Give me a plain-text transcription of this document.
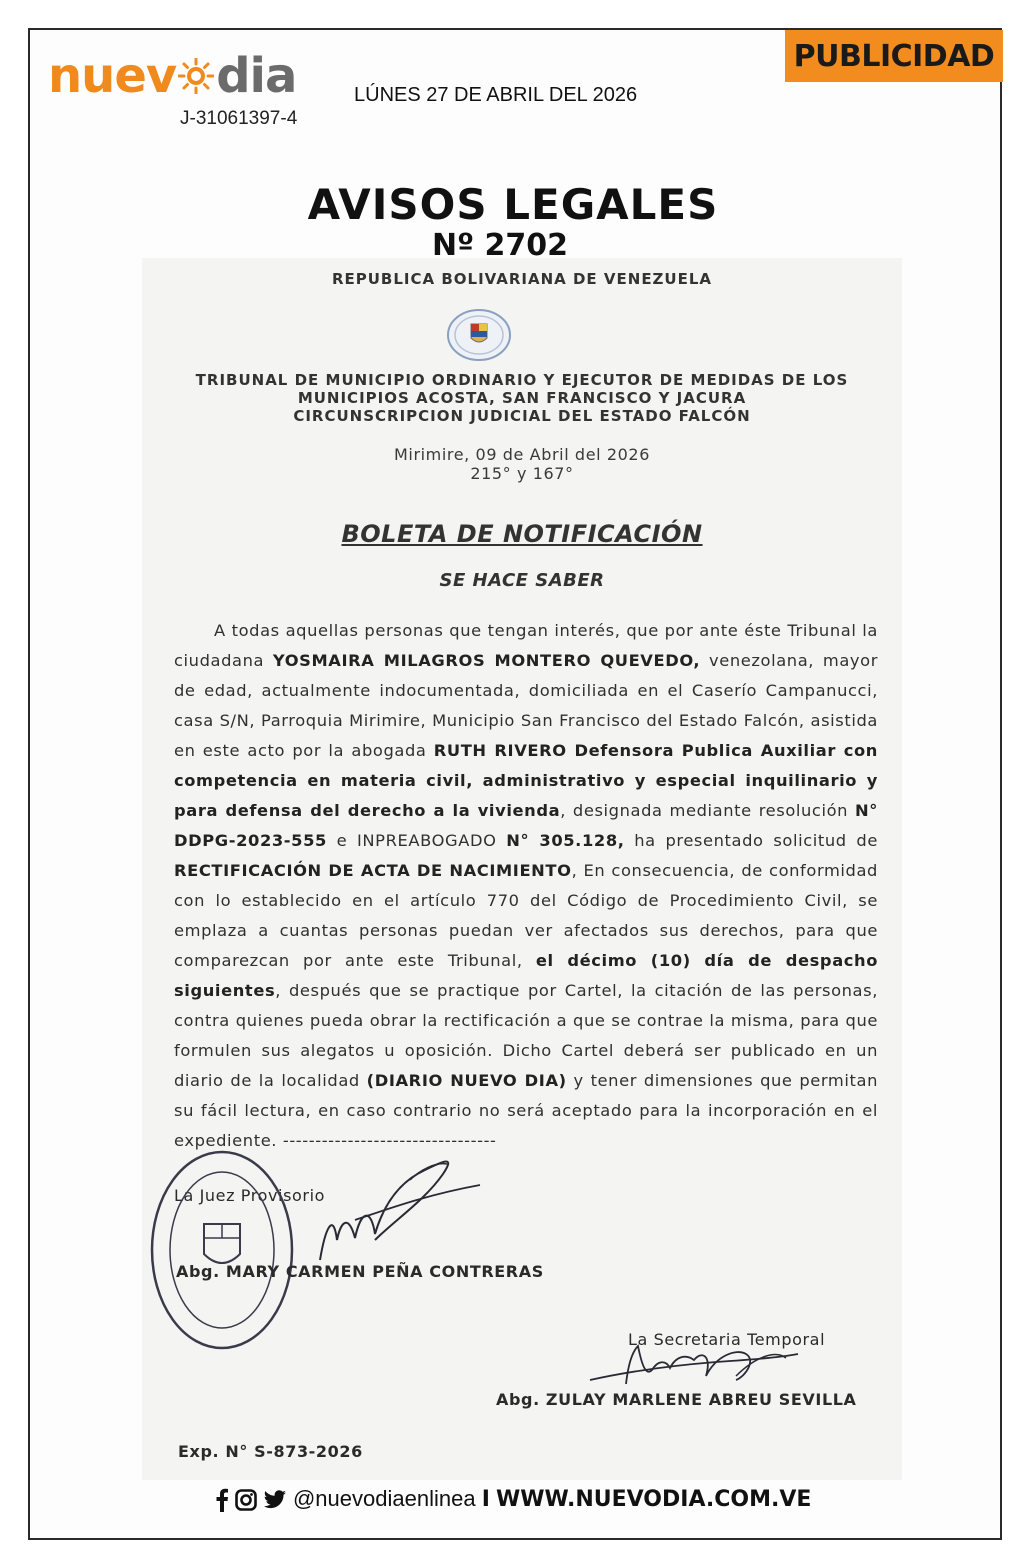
nuev dia
J-31061397-4
LÚNES 27 DE ABRIL DEL 2026
PUBLICIDAD
AVISOS LEGALES
Nº 2702
REPUBLICA BOLIVARIANA DE VENEZUELA
TRIBUNAL DE MUNICIPIO ORDINARIO Y EJECUTOR DE MEDIDAS DE LOS
MUNICIPIOS ACOSTA, SAN FRANCISCO Y JACURA
CIRCUNSCRIPCION JUDICIAL DEL ESTADO FALCÓN
Mirimire, 09 de Abril del 2026
215° y 167°
BOLETA DE NOTIFICACIÓN
SE HACE SABER
A todas aquellas personas que tengan interés, que por ante éste Tribunal la ciudadana YOSMAIRA MILAGROS MONTERO QUEVEDO, venezolana, mayor de edad, actualmente indocumentada, domiciliada en el Caserío Campanucci, casa S/N, Parroquia Mirimire, Municipio San Francisco del Estado Falcón, asistida en este acto por la abogada RUTH RIVERO Defensora Publica Auxiliar con competencia en materia civil, administrativo y especial inquilinario y para defensa del derecho a la vivienda, designada mediante resolución N° DDPG-2023-555 e INPREABOGADO N° 305.128, ha presentado solicitud de RECTIFICACIÓN DE ACTA DE NACIMIENTO, En consecuencia, de conformidad con lo establecido en el artículo 770 del Código de Procedimiento Civil, se emplaza a cuantas personas puedan ver afectados sus derechos, para que comparezcan por ante este Tribunal, el décimo (10) día de despacho siguientes, después que se practique por Cartel, la citación de las personas, contra quienes pueda obrar la rectificación a que se contrae la misma, para que formulen sus alegatos u oposición. Dicho Cartel deberá ser publicado en un diario de la localidad (DIARIO NUEVO DIA) y tener dimensiones que permitan su fácil lectura, en caso contrario no será aceptado para la incorporación en el expediente. ---------------------------------
La Juez Provisorio
Abg. MARY CARMEN PEÑA CONTRERAS
La Secretaria Temporal
Abg. ZULAY MARLENE ABREU SEVILLA
Exp. N° S-873-2026
@nuevodiaenlinea I WWW.NUEVODIA.COM.VE
